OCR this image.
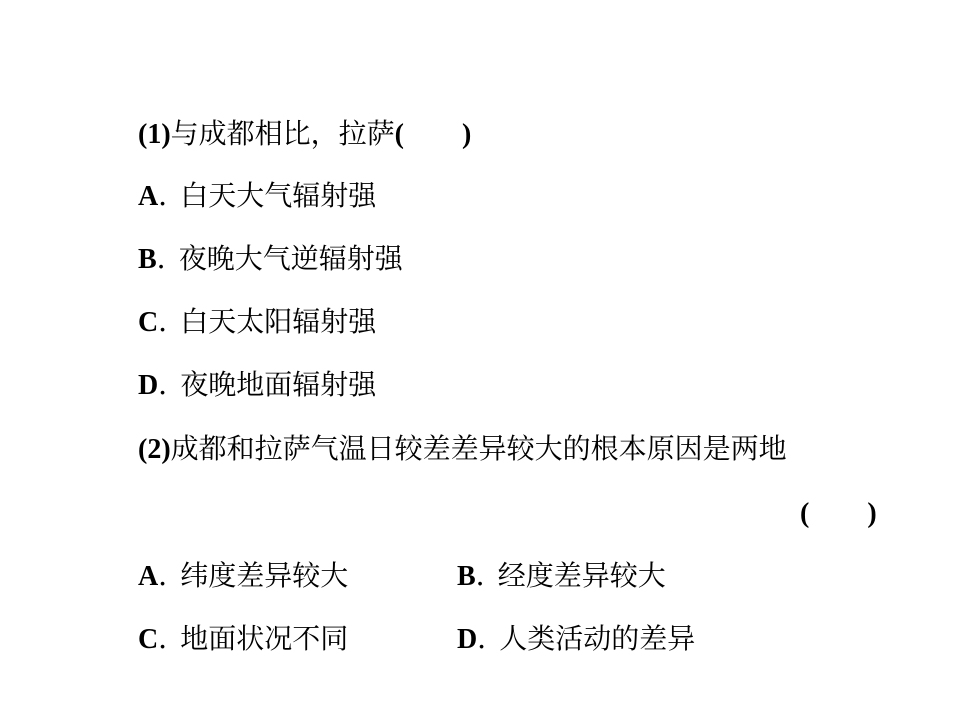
(1)与成都相比，拉萨( )
A．白天大气辐射强
B．夜晚大气逆辐射强
C．白天太阳辐射强
D．夜晚地面辐射强
(2)成都和拉萨气温日较差差异较大的根本原因是两地
( )
A．纬度差异较大	B．经度差异较大
C．地面状况不同	D．人类活动的差异
